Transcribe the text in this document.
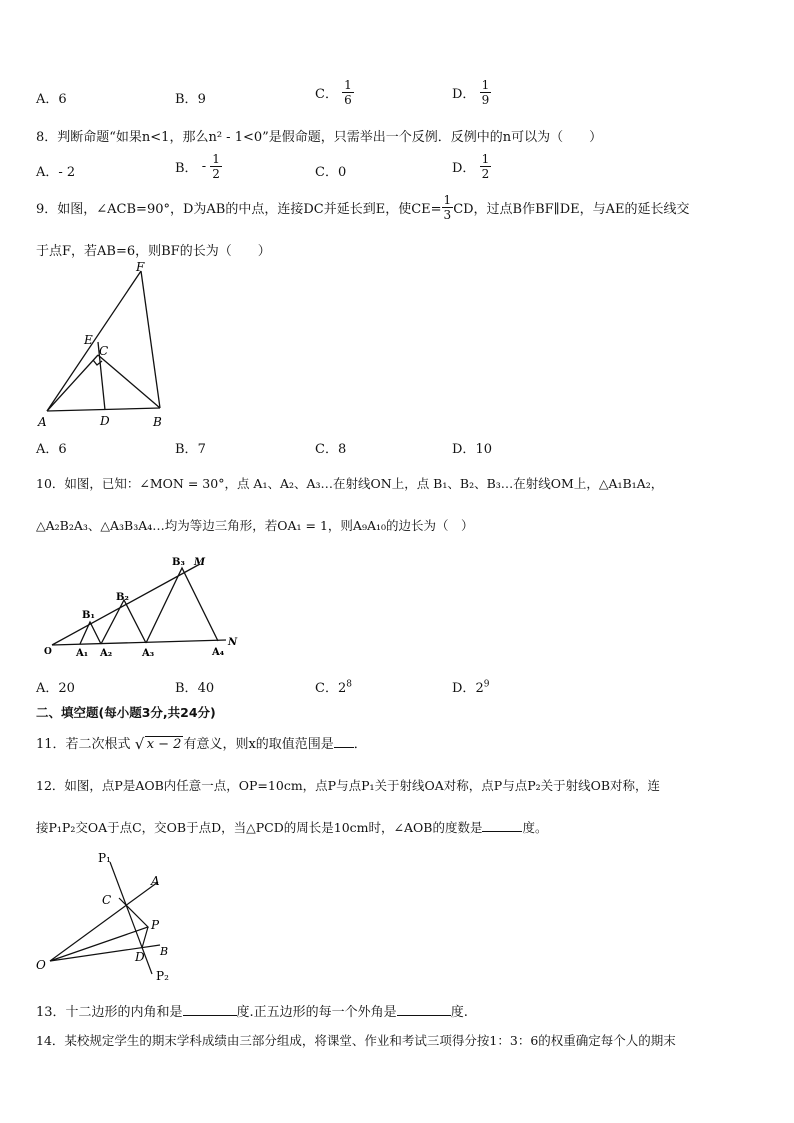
A．6	B．9	C． $\frac{1}{6}$	D． $\frac{1}{9}$
8．判断命题“如果n<1，那么n² - 1<0”是假命题，只需举出一个反例．反例中的n可以为（　　）
A．- 2	B． - $\frac{1}{2}$	C．0	D． $\frac{1}{2}$
9．如图，∠ACB=90°，D为AB的中点，连接DC并延长到E，使$CE= \frac{1}{3}$ CD，过点B作BF∥DE，与AE的延长线交
于点F，若AB=6，则BF的长为（　　）
F
E
C
A	D	B
A．6	B．7	C．8	D．10
10．如图，已知：∠MON = 30°，点 A₁、A₂、A₃…在射线ON上，点 B₁、B₂、B₃…在射线OM上，△A₁B₁A₂，
△A₂B₂A₃、△A₃B₃A₄…均为等边三角形，若OA₁ = 1，则A₉A₁₀的边长为（　）
O
N
M
B₃
B₂
B₁
A₁ A₂	A₃	A₄
A．20	B．40	C．$2^8$	D．$2^9$
二、填空题(每小题3分,共24分)
11．若二次根式 √ x − 2 有意义，则x的取值范围是 ．
12．如图，点P是AOB内任意一点，OP=10cm，点P与点P₁关于射线OA对称，点P与点P₂关于射线OB对称，连
接P₁P₂交OA于点C，交OB于点D，当△PCD的周长是10cm时，∠AOB的度数是	度。
P₁
A
C
P
O
D B
P₂
13．十二边形的内角和是	度.正五边形的每一个外角是	度.
14．某校规定学生的期末学科成绩由三部分组成，将课堂、作业和考试三项得分按1：3：6的权重确定每个人的期末
